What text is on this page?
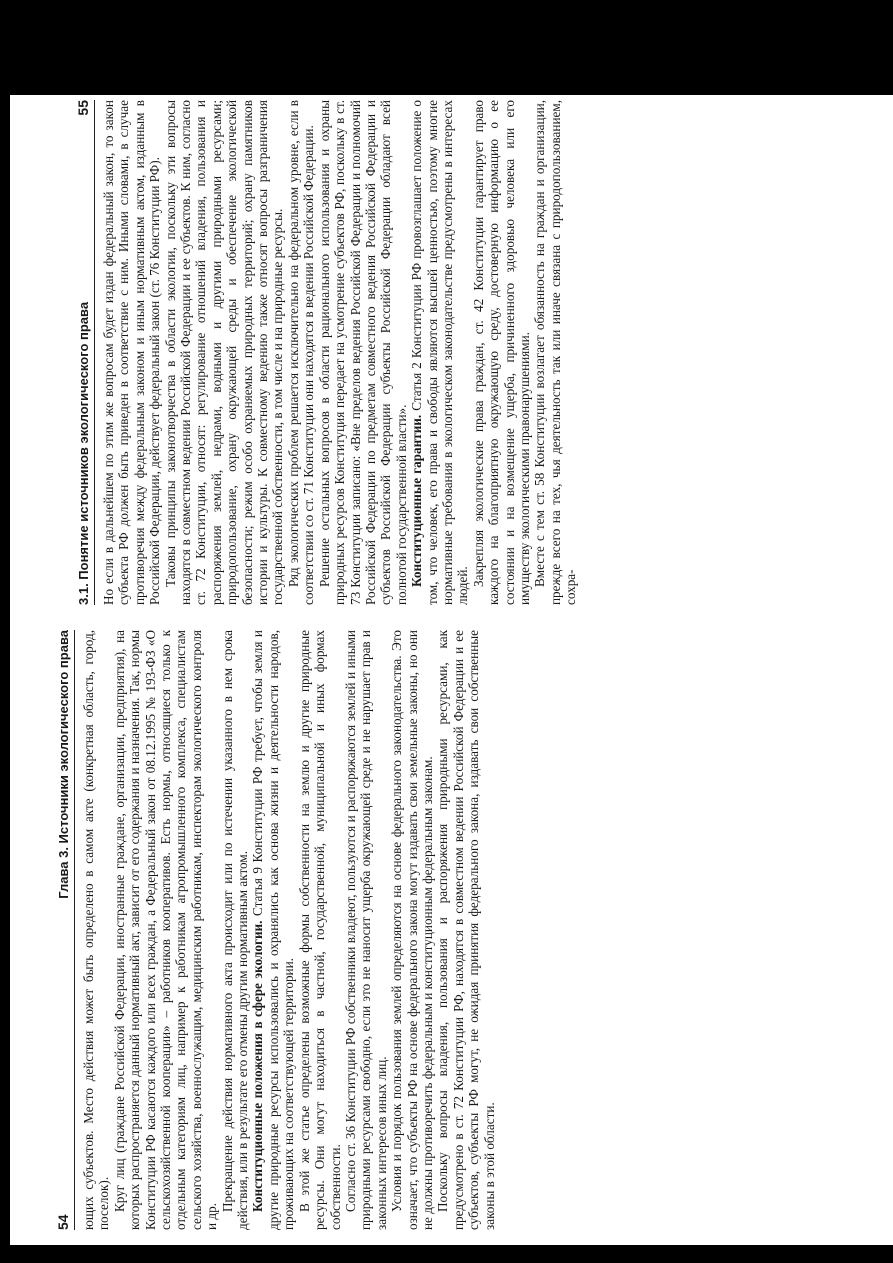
54
Глава 3. Источники экологического права ющих субъектов. Место действия может быть определено в самом акте (конкретная область, город, поселок). Круг лиц (граждане Российской Федерации, иностранные граждане, организации, предприятия), на которых распространяется данный нормативный акт, зависит от его содержания и назначения. Так, нормы Конституции РФ касаются каждого или всех граждан, а Федеральный закон от 08.12.1995 № 193-ФЗ «О сельскохозяйственной кооперации» – работников кооперативов. Есть нормы, относящиеся только к отдельным категориям лиц, например к работникам агропромышленного комплекса, специалистам сельского хозяйства, военнослужащим, медицинским работникам, инспекторам экологического контроля и др.

Прекращение действия нормативного акта происходит или по истечении указанного в нем срока действия, или в результате его отмены другим нормативным актом. Конституционные положения в сфере экологии. Статья 9 Конституции РФ требует, чтобы земля и другие природные ресурсы использовались и охранялись как основа жизни и деятельности народов, проживающих на соответствующей территории. В этой же статье определены возможные формы собственности на землю и другие природные ресурсы. Они могут находиться в частной, государственной, муниципальной и иных формах собственности. Согласно ст. 36 Конституции РФ собственники владеют, пользуются и распоряжаются землей и иными природными ресурсами свободно, если это не наносит ущерба окружающей среде и не нарушает прав и законных интересов иных лиц. Условия и порядок пользования землей определяются на основе федерального законодательства. Это означает, что субъекты РФ на основе федерального закона могут издавать свои земельные законы, но они не должны противоречить федеральным и конституционным федеральным законам. Поскольку вопросы владения, пользования и распоряжения природными ресурсами, как предусмотрено в ст. 72 Конституции РФ, находятся в совместном ведении Российской Федерации и ее субъектов, субъекты РФ могут, не ожидая принятия федерального закона, издавать свои собственные законы в этой области.

3.1. Понятие источников экологического права
55 Но если в дальнейшем по этим же вопросам будет издан федеральный закон, то закон субъекта РФ должен быть приведен в соответствие с ним. Иными словами, в случае противоречия между федеральным законом и иным нормативным актом, изданным в Российской Федерации, действует федеральный закон (ст. 76 Конституции РФ). Таковы принципы законотворчества в области экологии, поскольку эти вопросы находятся в совместном ведении Российской Федерации и ее субъектов. К ним, согласно ст. 72 Конституции, относят: регулирование отношений владения, пользования и распоряжения землей, недрами, водными и другими природными ресурсами; природопользование, охрану окружающей среды и обеспечение экологической безопасности; режим особо охраняемых природных территорий; охрану памятников истории и культуры. К совместному ведению также относят вопросы разграничения государственной собственности, в том числе и на природные ресурсы. Ряд экологических проблем решается исключительно на федеральном уровне, если в соответствии со ст. 71 Конституции они находятся в ведении Российской Федерации. Решение остальных вопросов в области рационального использования и охраны природных ресурсов Конституция передает на усмотрение субъектов РФ, поскольку в ст. 73 Конституции записано: «Вне пределов ведения Российской Федерации и полномочий Российской Федерации по предметам совместного ведения Российской Федерации и субъектов Российской Федерации субъекты Российской Федерации обладают всей полнотой государственной власти». Конституционные гарантии. Статья 2 Конституции РФ провозглашает положение о том, что человек, его права и свободы являются высшей ценностью, поэтому многие нормативные требования в экологическом законодательстве предусмотрены в интересах людей. Закрепляя экологические права граждан, ст. 42 Конституции гарантирует право каждого на благоприятную окружающую среду, достоверную информацию о ее состоянии и на возмещение ущерба, причиненного здоровью человека или его имуществу экологическими правонарушениями. Вместе с тем ст. 58 Конституции возлагает обязанность на граждан и организации, прежде всего на тех, чья деятельность так или иначе связана с природопользованием, сохра-
